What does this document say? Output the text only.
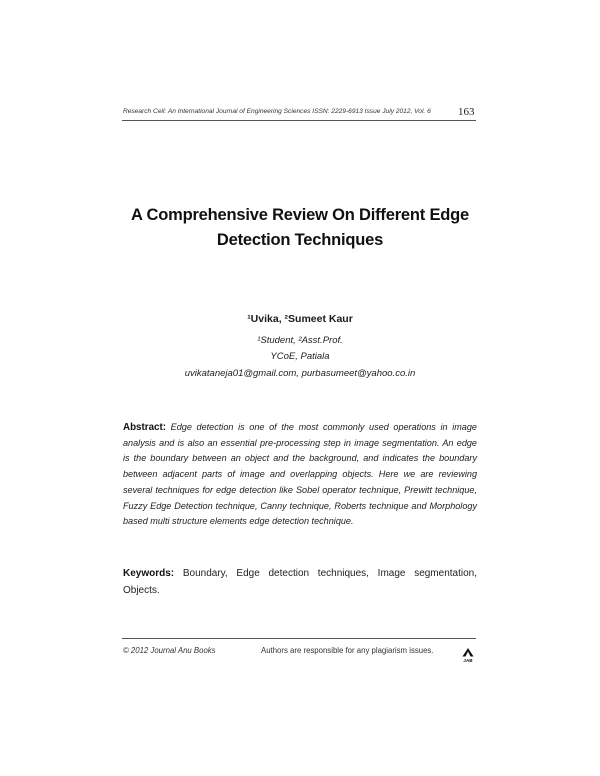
Research Cell: An International Journal of Engineering Sciences ISSN: 2229-6913 Issue July 2012, Vol. 6	163
A Comprehensive Review On Different Edge
Detection Techniques
¹Uvika, ²Sumeet Kaur
¹Student, ²Asst.Prof.
YCoE, Patiala
uvikataneja01@gmail.com, purbasumeet@yahoo.co.in
Abstract: Edge detection is one of the most commonly used operations in image analysis and is also an essential pre-processing step in image segmentation. An edge is the boundary between an object and the background, and indicates the boundary between adjacent parts of image and overlapping objects. Here we are reviewing several techniques for edge detection like Sobel operator technique, Prewitt technique, Fuzzy Edge Detection technique, Canny technique, Roberts technique and Morphology based multi structure elements edge detection technique.
Keywords: Boundary, Edge detection techniques, Image segmentation, Objects.
© 2012 Journal Anu Books	Authors are responsible for any plagiarism issues.
JAB
